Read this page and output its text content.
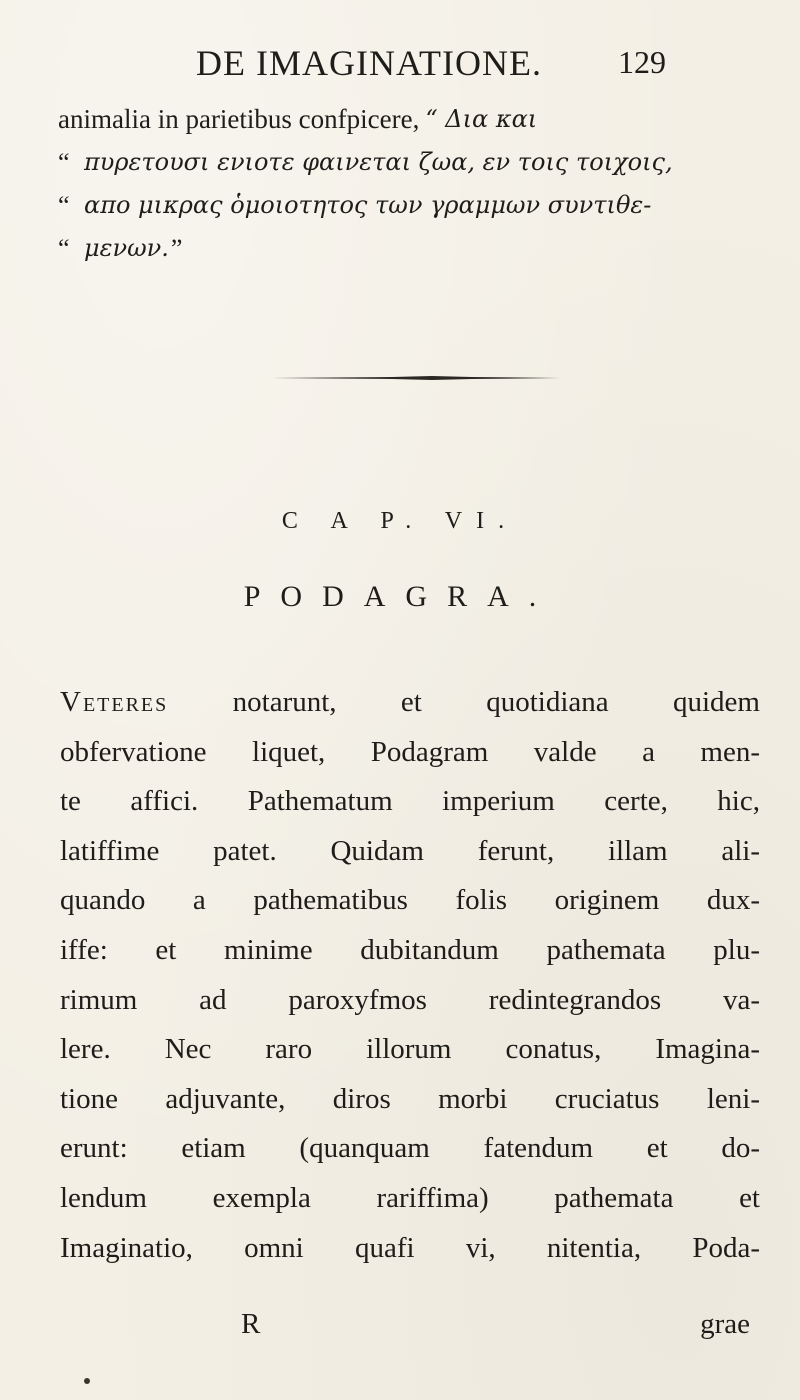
DE IMAGINATIONE. 129
animalia in parietibus confpicere, “ Δια και
“ πυρετουσι ενιοτε φαινεται ζωα, εν τοις τοιχοις,
“ απο μικρας ὁμοιοτητος των γραμμων συντιθε-
“ μενων. ”
C A P. VI.
PODAGRA.
Veteres notarunt, et quotidiana quidem
obfervatione liquet, Podagram valde a men-
te affici. Pathematum imperium certe, hic,
latiffime patet. Quidam ferunt, illam ali-
quando a pathematibus folis originem dux-
iffe: et minime dubitandum pathemata plu-
rimum ad paroxyfmos redintegrandos va-
lere. Nec raro illorum conatus, Imagina-
tione adjuvante, diros morbi cruciatus leni-
erunt: etiam (quanquam fatendum et do-
lendum exempla rariffima) pathemata et
Imaginatio, omni quafi vi, nitentia, Poda-
R	grae
